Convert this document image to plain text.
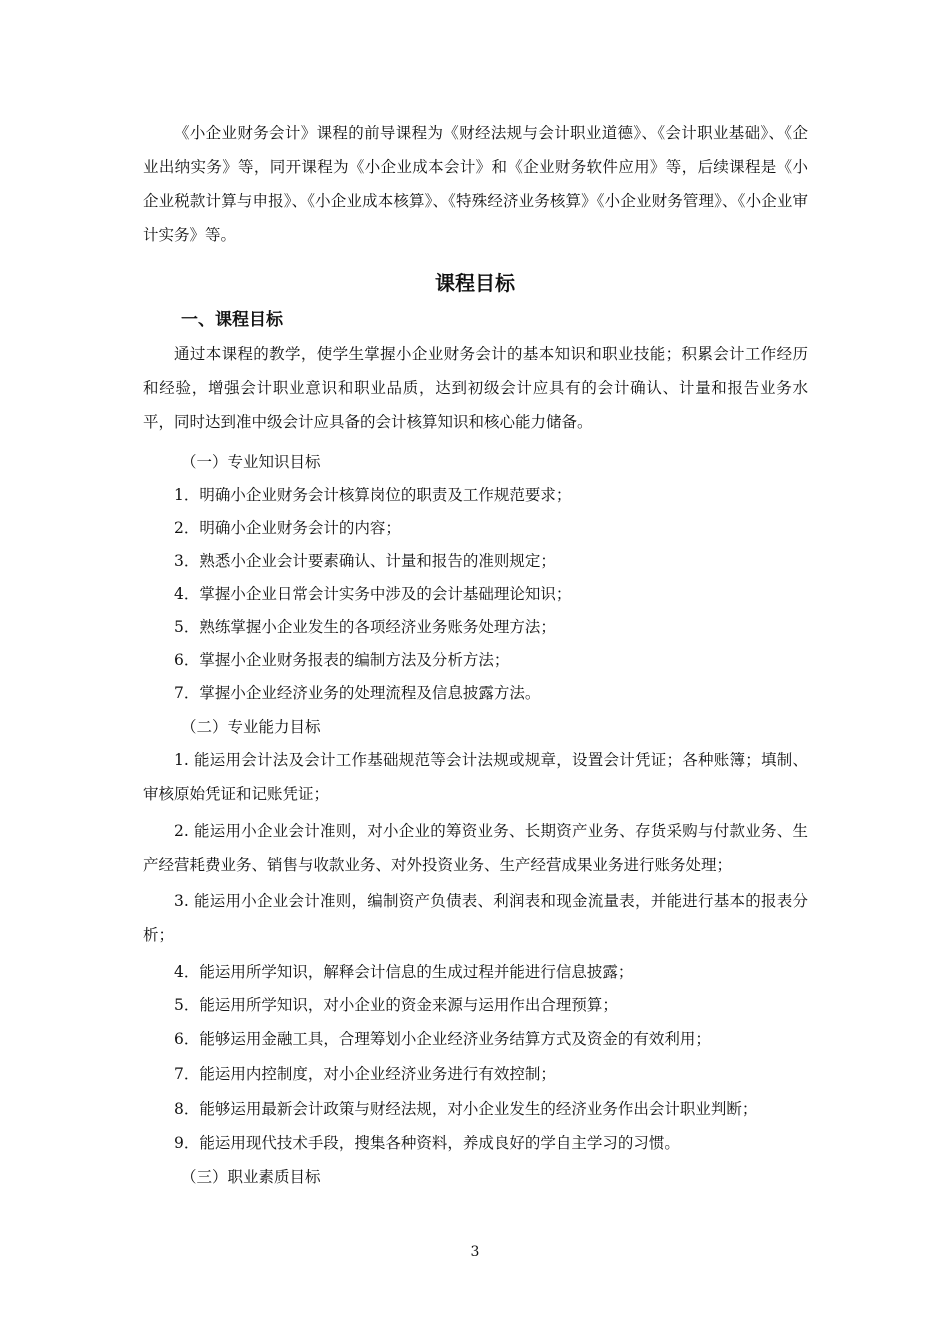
《小企业财务会计》课程的前导课程为《财经法规与会计职业道德》、《会计职业基础》、《企业出纳实务》等，同开课程为《小企业成本会计》和《企业财务软件应用》等，后续课程是《小企业税款计算与申报》、《小企业成本核算》、《特殊经济业务核算》《小企业财务管理》、《小企业审计实务》等。
课程目标
一、课程目标
通过本课程的教学，使学生掌握小企业财务会计的基本知识和职业技能；积累会计工作经历和经验，增强会计职业意识和职业品质，达到初级会计应具有的会计确认、计量和报告业务水平，同时达到准中级会计应具备的会计核算知识和核心能力储备。
（一）专业知识目标
1．明确小企业财务会计核算岗位的职责及工作规范要求；
2．明确小企业财务会计的内容；
3．熟悉小企业会计要素确认、计量和报告的准则规定；
4．掌握小企业日常会计实务中涉及的会计基础理论知识；
5．熟练掌握小企业发生的各项经济业务账务处理方法；
6．掌握小企业财务报表的编制方法及分析方法；
7．掌握小企业经济业务的处理流程及信息披露方法。
（二）专业能力目标
1. 能运用会计法及会计工作基础规范等会计法规或规章，设置会计凭证；各种账簿；填制、审核原始凭证和记账凭证；
2. 能运用小企业会计准则，对小企业的筹资业务、长期资产业务、存货采购与付款业务、生产经营耗费业务、销售与收款业务、对外投资业务、生产经营成果业务进行账务处理；
3. 能运用小企业会计准则，编制资产负债表、利润表和现金流量表，并能进行基本的报表分析；
4．能运用所学知识，解释会计信息的生成过程并能进行信息披露；
5．能运用所学知识，对小企业的资金来源与运用作出合理预算；
6．能够运用金融工具，合理筹划小企业经济业务结算方式及资金的有效利用；
7．能运用内控制度，对小企业经济业务进行有效控制；
8．能够运用最新会计政策与财经法规，对小企业发生的经济业务作出会计职业判断；
9．能运用现代技术手段，搜集各种资料，养成良好的学自主学习的习惯。
（三）职业素质目标
3
